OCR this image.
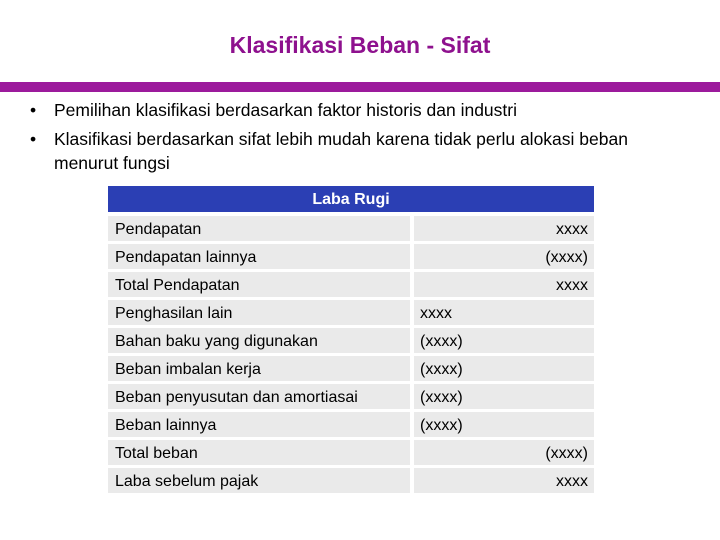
Klasifikasi Beban - Sifat
• Pemilihan klasifikasi berdasarkan faktor historis dan industri
• Klasifikasi berdasarkan sifat lebih mudah karena tidak perlu alokasi beban menurut fungsi
Laba Rugi
Pendapatan	xxxx
Pendapatan lainnya	(xxxx)
Total Pendapatan	xxxx
Penghasilan lain	xxxx
Bahan baku yang digunakan	(xxxx)
Beban imbalan kerja	(xxxx)
Beban penyusutan dan amortiasai	(xxxx)
Beban lainnya	(xxxx)
Total beban	(xxxx)
Laba sebelum pajak	xxxx
